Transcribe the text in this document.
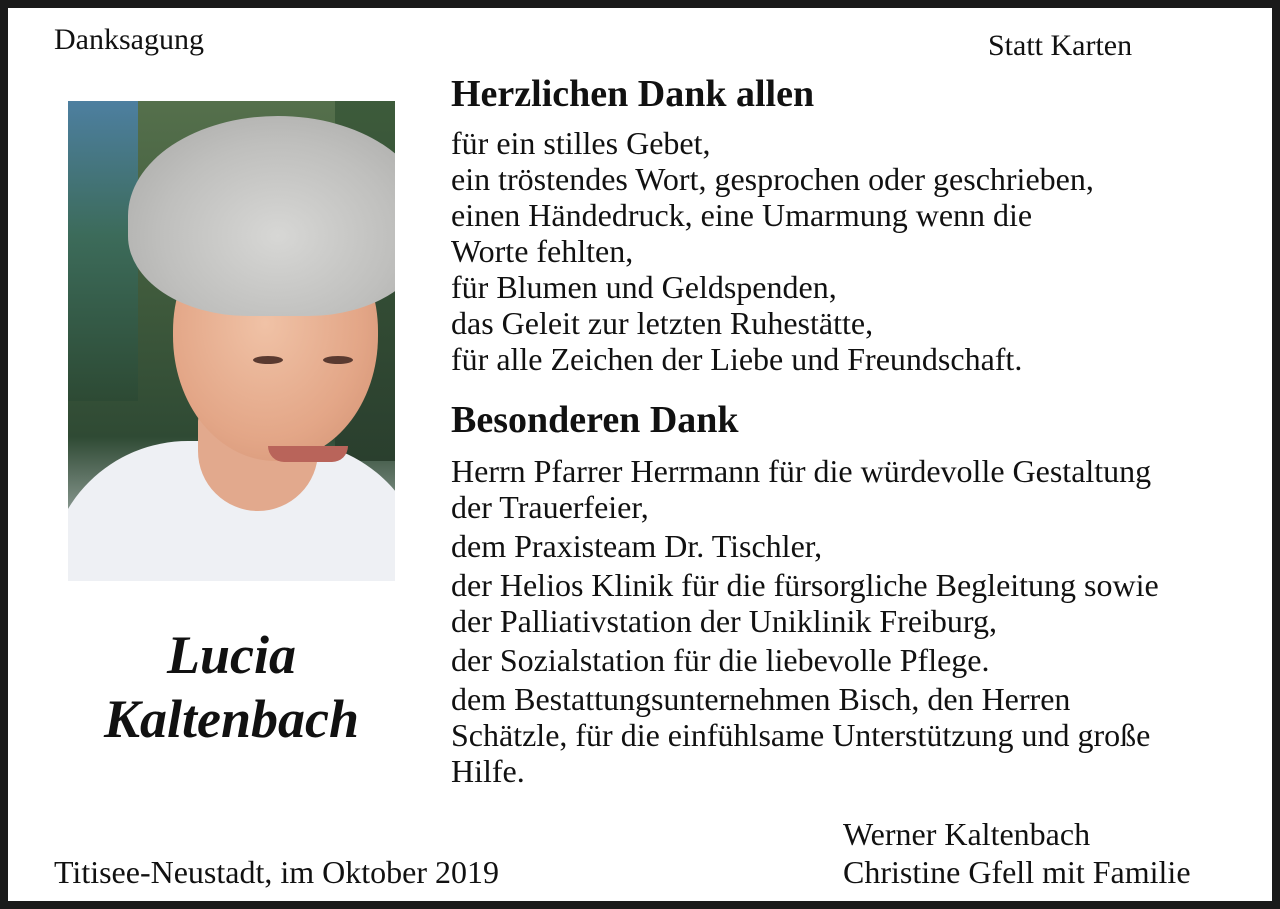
Danksagung	Statt Karten
Lucia
Kaltenbach
Herzlichen Dank allen
für ein stilles Gebet,
ein tröstendes Wort, gesprochen oder geschrieben,
einen Händedruck, eine Umarmung wenn die
Worte fehlten,
für Blumen und Geldspenden,
das Geleit zur letzten Ruhestätte,
für alle Zeichen der Liebe und Freundschaft.
Besonderen Dank
Herrn Pfarrer Herrmann für die würdevolle Gestaltung
der Trauerfeier,
dem Praxisteam Dr. Tischler,
der Helios Klinik für die fürsorgliche Begleitung sowie
der Palliativstation der Uniklinik Freiburg,
der Sozialstation für die liebevolle Pflege.
dem Bestattungsunternehmen Bisch, den Herren
Schätzle, für die einfühlsame Unterstützung und große
Hilfe.
Titisee-Neustadt, im Oktober 2019
Werner Kaltenbach
Christine Gfell mit Familie
